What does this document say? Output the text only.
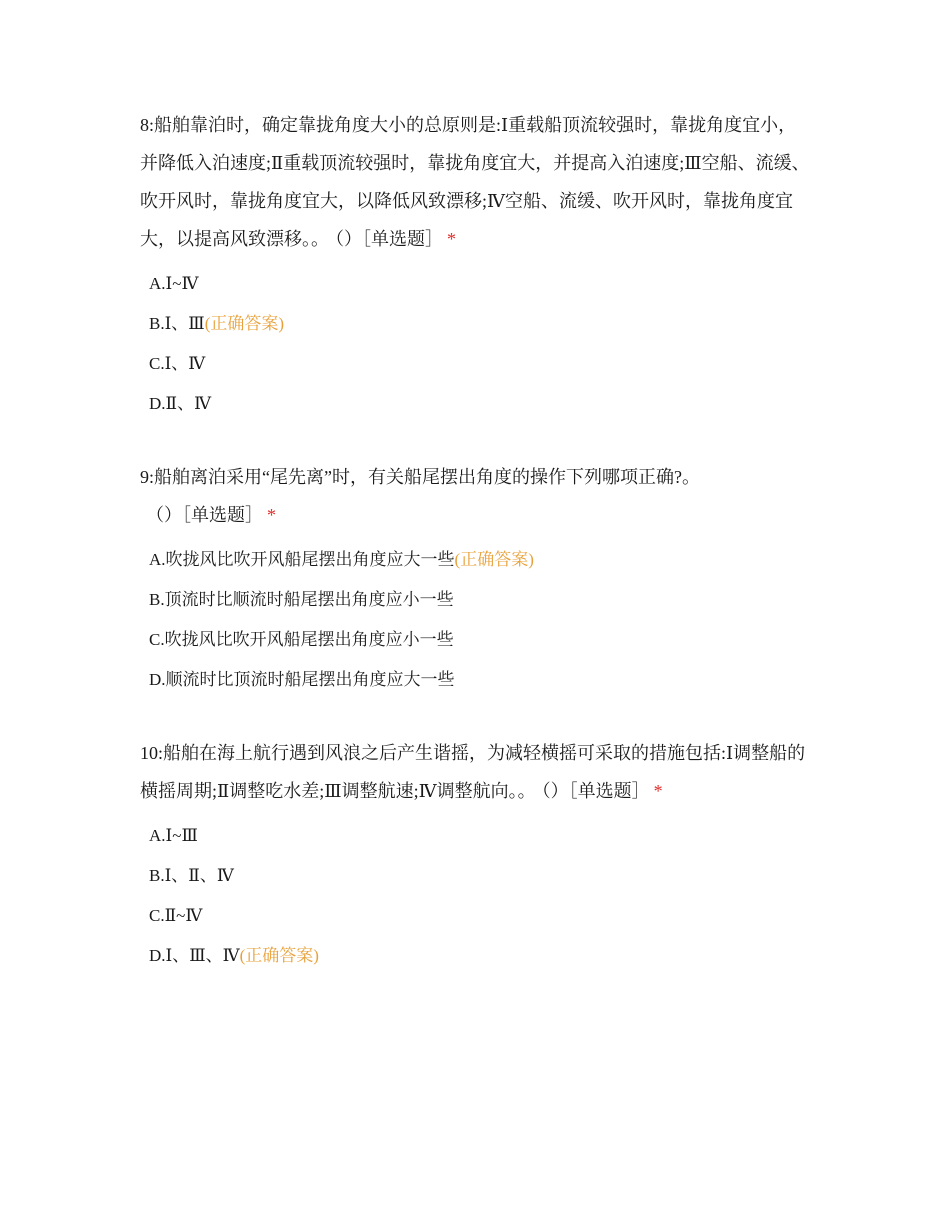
8:船舶靠泊时，确定靠拢角度大小的总原则是:Ⅰ重载船顶流较强时，靠拢角度宜小，并降低入泊速度;Ⅱ重载顶流较强时，靠拢角度宜大，并提高入泊速度;Ⅲ空船、流缓、吹开风时，靠拢角度宜大，以降低风致漂移;Ⅳ空船、流缓、吹开风时，靠拢角度宜大，以提高风致漂移。。 （）［单选题］ *

A.Ⅰ~Ⅳ
B.Ⅰ、Ⅲ(正确答案)
C.Ⅰ、Ⅳ
D.Ⅱ、Ⅳ

9:船舶离泊采用“尾先离”时，有关船尾摆出角度的操作下列哪项正确?。（）［单选题］ *

A.吹拢风比吹开风船尾摆出角度应大一些(正确答案)
B.顶流时比顺流时船尾摆出角度应小一些
C.吹拢风比吹开风船尾摆出角度应小一些
D.顺流时比顶流时船尾摆出角度应大一些

10:船舶在海上航行遇到风浪之后产生谐摇，为减轻横摇可采取的措施包括:Ⅰ调整船的横摇周期;Ⅱ调整吃水差;Ⅲ调整航速;Ⅳ调整航向。。 （）［单选题］ *

A.Ⅰ~Ⅲ
B.Ⅰ、Ⅱ、Ⅳ
C.Ⅱ~Ⅳ
D.Ⅰ、Ⅲ、Ⅳ(正确答案)
